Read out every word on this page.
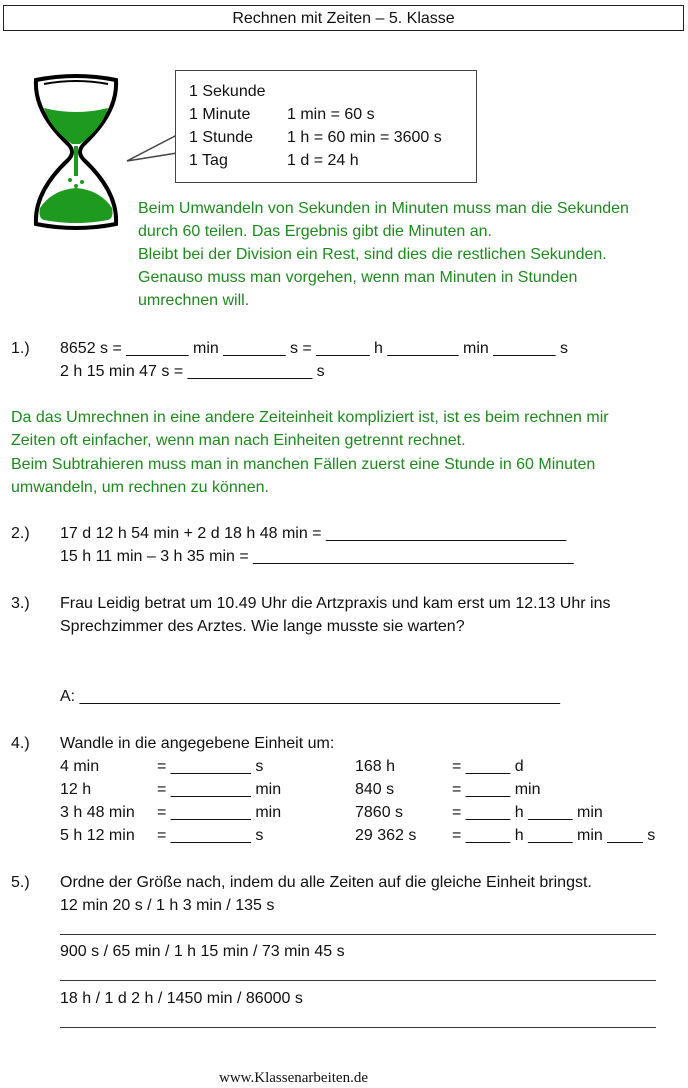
Rechnen mit Zeiten – 5. Klasse
1 Sekunde
1 Minute 1 min = 60 s
1 Stunde 1 h = 60 min = 3600 s
1 Tag	1 d = 24 h
Beim Umwandeln von Sekunden in Minuten muss man die Sekunden
durch 60 teilen. Das Ergebnis gibt die Minuten an.
Bleibt bei der Division ein Rest, sind dies die restlichen Sekunden.
Genauso muss man vorgehen, wenn man Minuten in Stunden
umrechnen will.
1.) 8652 s = _______ min _______ s = ______ h ________ min _______ s
2 h 15 min 47 s = ______________ s
Da das Umrechnen in eine andere Zeiteinheit kompliziert ist, ist es beim rechnen mir
Zeiten oft einfacher, wenn man nach Einheiten getrennt rechnet.
Beim Subtrahieren muss man in manchen Fällen zuerst eine Stunde in 60 Minuten
umwandeln, um rechnen zu können.
2.) 17 d 12 h 54 min + 2 d 18 h 48 min = ___________________________
15 h 11 min – 3 h 35 min = ____________________________________
3.) Frau Leidig betrat um 10.49 Uhr die Artzpraxis und kam erst um 12.13 Uhr ins
Sprechzimmer des Arztes. Wie lange musste sie warten?
A: ______________________________________________________
4.) Wandle in die angegebene Einheit um:
4 min	= _________ s	168 h	= _____ d
12 h	= _________ min	840 s	= _____ min
3 h 48 min = _________ min	7860 s	= _____ h _____ min
5 h 12 min = _________ s	29 362 s = _____ h _____ min ____ s
5.) Ordne der Größe nach, indem du alle Zeiten auf die gleiche Einheit bringst.
12 min 20 s / 1 h 3 min / 135 s
900 s / 65 min / 1 h 15 min / 73 min 45 s
18 h / 1 d 2 h / 1450 min / 86000 s
www.Klassenarbeiten.de
